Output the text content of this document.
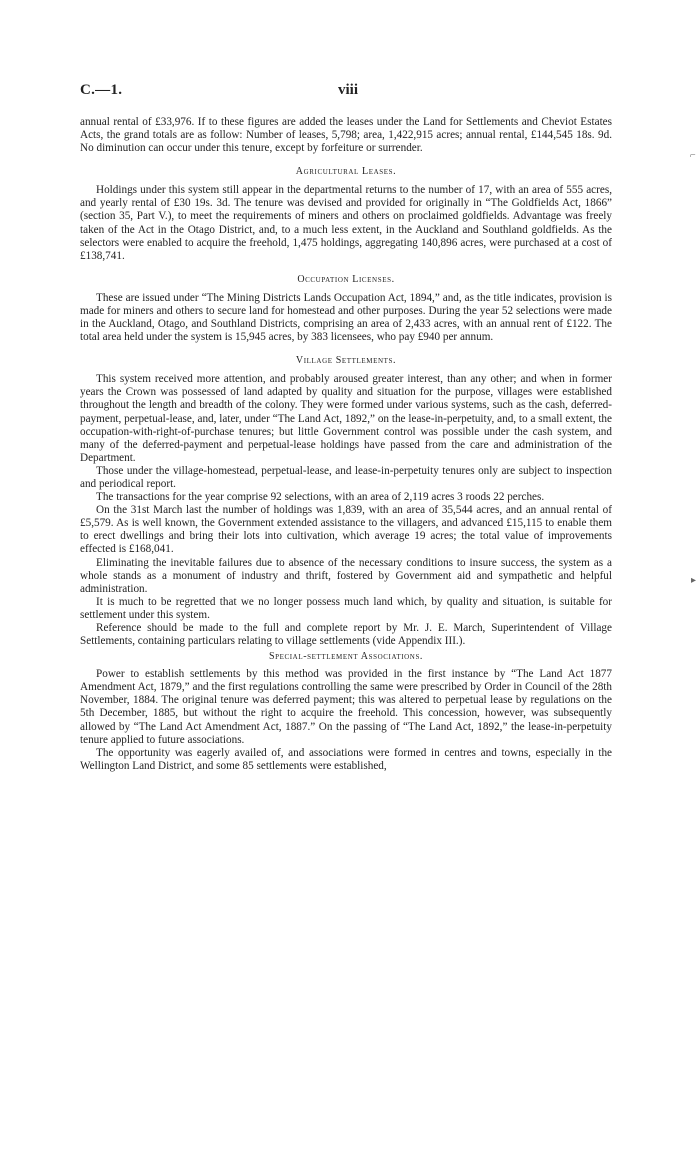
C.—1.	viii

annual rental of £33,976. If to these figures are added the leases under the Land for Settlements and Cheviot Estates Acts, the grand totals are as follow: Number of leases, 5,798; area, 1,422,915 acres; annual rental, £144,545 18s. 9d. No diminution can occur under this tenure, except by forfeiture or surrender.

Agricultural Leases.

Holdings under this system still appear in the departmental returns to the number of 17, with an area of 555 acres, and yearly rental of £30 19s. 3d. The tenure was devised and provided for originally in “The Goldfields Act, 1866” (section 35, Part V.), to meet the requirements of miners and others on proclaimed goldfields. Advantage was freely taken of the Act in the Otago District, and, to a much less extent, in the Auckland and Southland goldfields. As the selectors were enabled to acquire the freehold, 1,475 holdings, aggregating 140,896 acres, were purchased at a cost of £138,741.

Occupation Licenses.

These are issued under “The Mining Districts Lands Occupation Act, 1894,” and, as the title indicates, provision is made for miners and others to secure land for homestead and other purposes. During the year 52 selections were made in the Auckland, Otago, and Southland Districts, comprising an area of 2,433 acres, with an annual rent of £122. The total area held under the system is 15,945 acres, by 383 licensees, who pay £940 per annum.

Village Settlements.

This system received more attention, and probably aroused greater interest, than any other; and when in former years the Crown was possessed of land adapted by quality and situation for the purpose, villages were established throughout the length and breadth of the colony. They were formed under various systems, such as the cash, deferred-payment, perpetual-lease, and, later, under “The Land Act, 1892,” on the lease-in-perpetuity, and, to a small extent, the occupation-with-right-of-purchase tenures; but little Government control was possible under the cash system, and many of the deferred-payment and perpetual-lease holdings have passed from the care and administration of the Department.

Those under the village-homestead, perpetual-lease, and lease-in-perpetuity tenures only are subject to inspection and periodical report.

The transactions for the year comprise 92 selections, with an area of 2,119 acres 3 roods 22 perches.

On the 31st March last the number of holdings was 1,839, with an area of 35,544 acres, and an annual rental of £5,579. As is well known, the Government extended assistance to the villagers, and advanced £15,115 to enable them to erect dwellings and bring their lots into cultivation, which average 19 acres; the total value of improvements effected is £168,041.

Eliminating the inevitable failures due to absence of the necessary conditions to insure success, the system as a whole stands as a monument of industry and thrift, fostered by Government aid and sympathetic and helpful administration.

It is much to be regretted that we no longer possess much land which, by quality and situation, is suitable for settlement under this system.

Reference should be made to the full and complete report by Mr. J. E. March, Superintendent of Village Settlements, containing particulars relating to village settlements (vide Appendix III.).

Special-settlement Associations.

Power to establish settlements by this method was provided in the first instance by “The Land Act 1877 Amendment Act, 1879,” and the first regulations controlling the same were prescribed by Order in Council of the 28th November, 1884. The original tenure was deferred payment; this was altered to perpetual lease by regulations on the 5th December, 1885, but without the right to acquire the freehold. This concession, however, was subsequently allowed by “The Land Act Amendment Act, 1887.” On the passing of “The Land Act, 1892,” the lease-in-perpetuity tenure applied to future associations.

The opportunity was eagerly availed of, and associations were formed in centres and towns, especially in the Wellington Land District, and some 85 settlements were established,

⌐
▸
